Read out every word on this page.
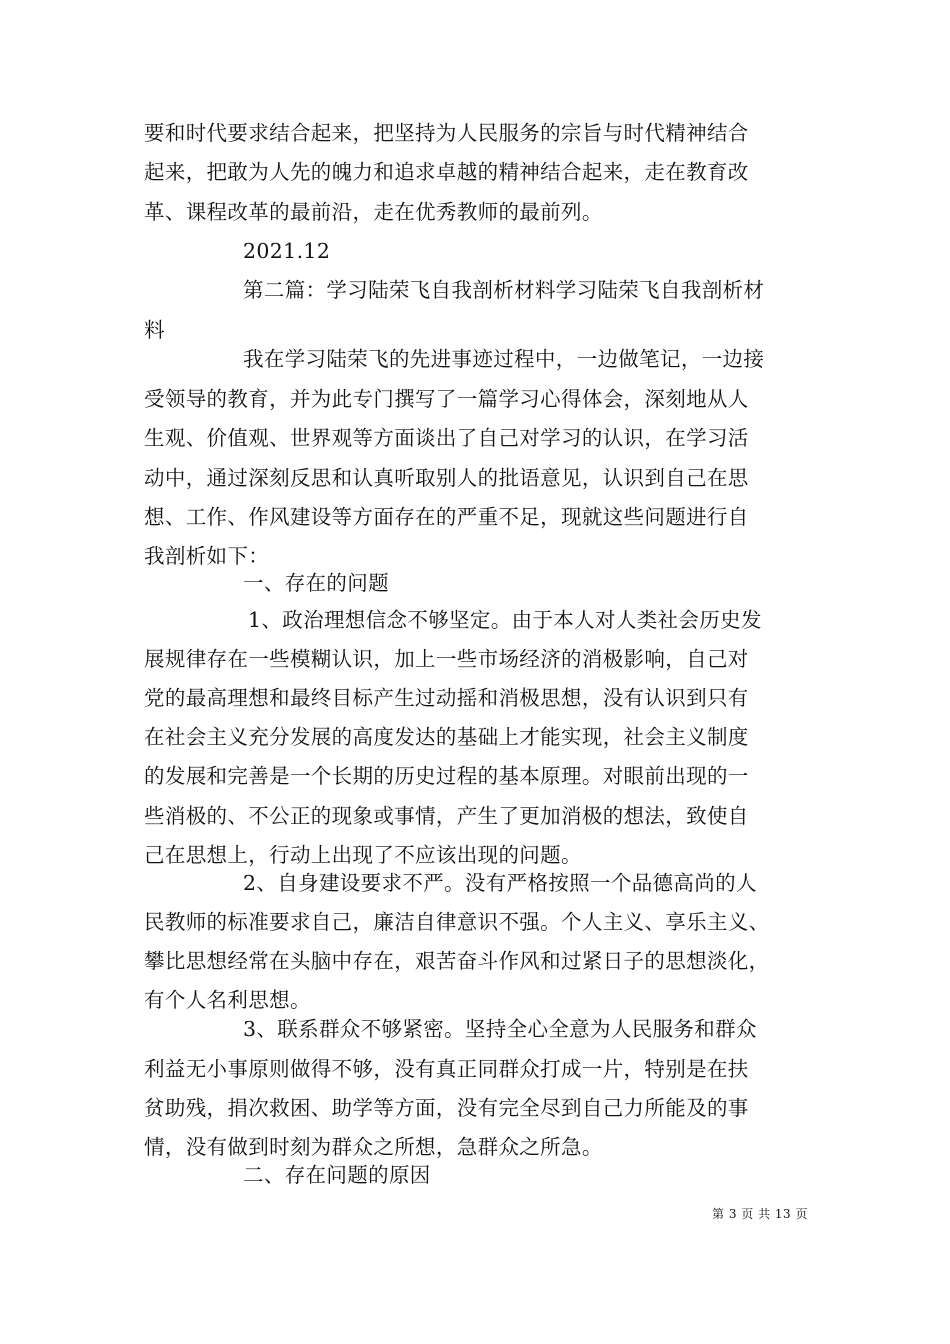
要和时代要求结合起来，把坚持为人民服务的宗旨与时代精神结合
起来，把敢为人先的魄力和追求卓越的精神结合起来，走在教育改
革、课程改革的最前沿，走在优秀教师的最前列。
2021.12
第二篇：学习陆荣飞自我剖析材料学习陆荣飞自我剖析材
料
我在学习陆荣飞的先进事迹过程中，一边做笔记，一边接
受领导的教育，并为此专门撰写了一篇学习心得体会，深刻地从人
生观、价值观、世界观等方面谈出了自己对学习的认识，在学习活
动中，通过深刻反思和认真听取别人的批语意见，认识到自己在思
想、工作、作风建设等方面存在的严重不足，现就这些问题进行自
我剖析如下：
一、存在的问题
1、政治理想信念不够坚定。由于本人对人类社会历史发
展规律存在一些模糊认识，加上一些市场经济的消极影响，自己对
党的最高理想和最终目标产生过动摇和消极思想，没有认识到只有
在社会主义充分发展的高度发达的基础上才能实现，社会主义制度
的发展和完善是一个长期的历史过程的基本原理。对眼前出现的一
些消极的、不公正的现象或事情，产生了更加消极的想法，致使自
己在思想上，行动上出现了不应该出现的问题。
2、自身建设要求不严。没有严格按照一个品德高尚的人
民教师的标准要求自己，廉洁自律意识不强。个人主义、享乐主义、
攀比思想经常在头脑中存在，艰苦奋斗作风和过紧日子的思想淡化，
有个人名利思想。
3、联系群众不够紧密。坚持全心全意为人民服务和群众
利益无小事原则做得不够，没有真正同群众打成一片，特别是在扶
贫助残，捐次救困、助学等方面，没有完全尽到自己力所能及的事
情，没有做到时刻为群众之所想，急群众之所急。
二、存在问题的原因
第 3 页 共 13 页
